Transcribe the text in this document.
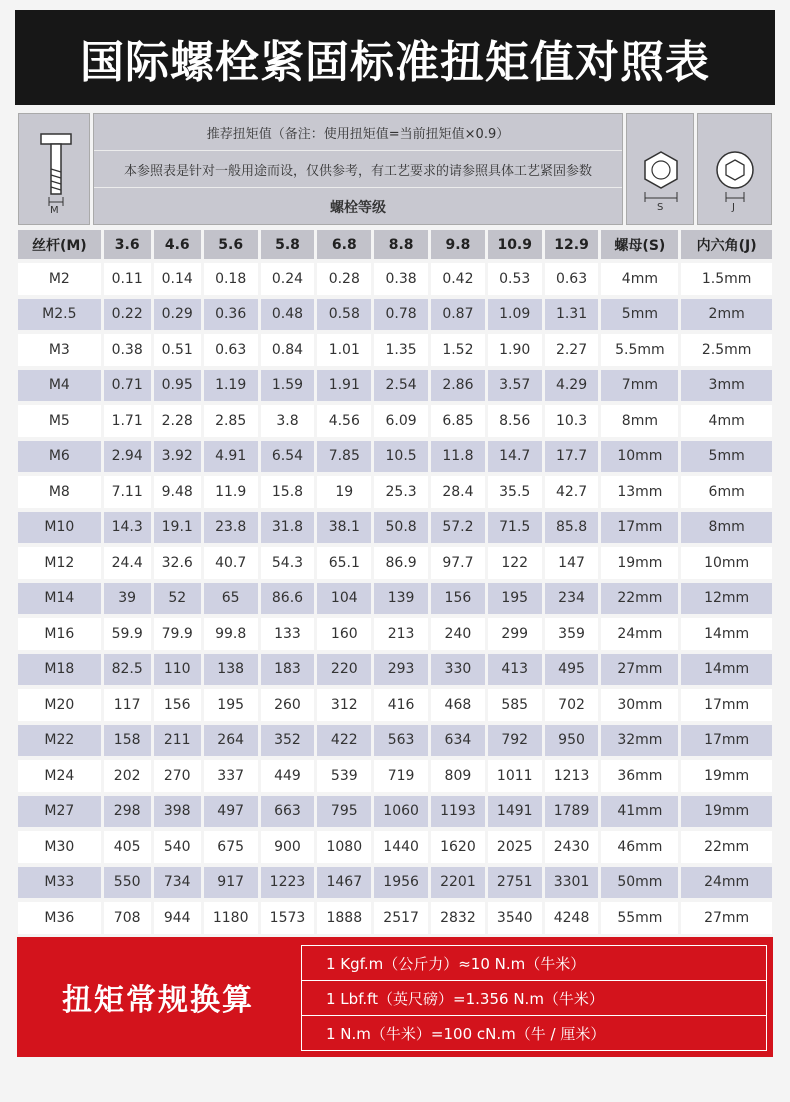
国际螺栓紧固标准扭矩值对照表
M
推荐扭矩值（备注：使用扭矩值=当前扭矩值×0.9）
本参照表是针对一般用途而设，仅供参考，有工艺要求的请参照具体工艺紧固参数
螺栓等级	S	J
丝杆(M)	3.6	4.6	5.6	5.8	6.8	8.8	9.8	10.9	12.9	螺母(S)	内六角(J)
M2	0.11	0.14	0.18	0.24	0.28	0.38	0.42	0.53	0.63	4mm	1.5mm
M2.5	0.22	0.29	0.36	0.48	0.58	0.78	0.87	1.09	1.31	5mm	2mm
M3	0.38	0.51	0.63	0.84	1.01	1.35	1.52	1.90	2.27	5.5mm	2.5mm
M4	0.71	0.95	1.19	1.59	1.91	2.54	2.86	3.57	4.29	7mm	3mm
M5	1.71	2.28	2.85	3.8	4.56	6.09	6.85	8.56	10.3	8mm	4mm
M6	2.94	3.92	4.91	6.54	7.85	10.5	11.8	14.7	17.7	10mm	5mm
M8	7.11	9.48	11.9	15.8	19	25.3	28.4	35.5	42.7	13mm	6mm
M10	14.3	19.1	23.8	31.8	38.1	50.8	57.2	71.5	85.8	17mm	8mm
M12	24.4	32.6	40.7	54.3	65.1	86.9	97.7	122	147	19mm	10mm
M14	39	52	65	86.6	104	139	156	195	234	22mm	12mm
M16	59.9	79.9	99.8	133	160	213	240	299	359	24mm	14mm
M18	82.5	110	138	183	220	293	330	413	495	27mm	14mm
M20	117	156	195	260	312	416	468	585	702	30mm	17mm
M22	158	211	264	352	422	563	634	792	950	32mm	17mm
M24	202	270	337	449	539	719	809	1011	1213	36mm	19mm
M27	298	398	497	663	795	1060	1193	1491	1789	41mm	19mm
M30	405	540	675	900	1080	1440	1620	2025	2430	46mm	22mm
M33	550	734	917	1223	1467	1956	2201	2751	3301	50mm	24mm
M36	708	944	1180	1573	1888	2517	2832	3540	4248	55mm	27mm
扭矩常规换算
1 Kgf.m（公斤力）≈10 N.m（牛米）
1 Lbf.ft（英尺磅）=1.356 N.m（牛米）
1 N.m（牛米）=100 cN.m（牛 / 厘米）
